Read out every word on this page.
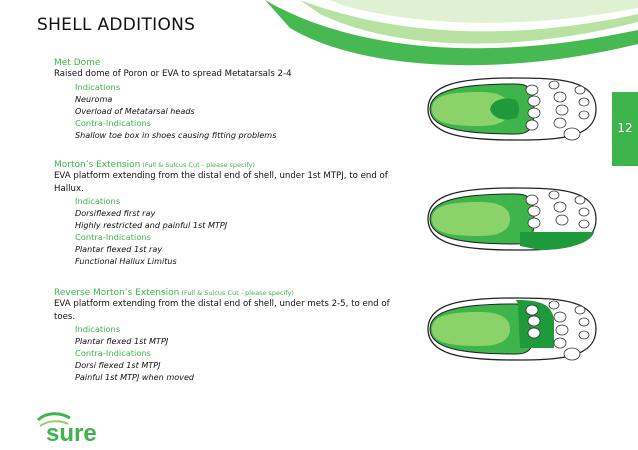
SHELL ADDITIONS
12
Met Dome
Raised dome of Poron or EVA to spread Metatarsals 2-4
Indications
Neuroma
Overload of Metatarsal heads
Contra-Indications
Shallow toe box in shoes causing fitting problems
Morton’s Extension (Full & Sulcus Cut - please specify)
EVA platform extending from the distal end of shell, under 1st MTPJ, to end of Hallux.
Indications
Dorsiflexed first ray
Highly restricted and painful 1st MTPJ
Contra-Indications
Plantar flexed 1st ray
Functional Hallux Limitus
Reverse Morton’s Extension (Full & Sulcus Cut - please specify)
EVA platform extending from the distal end of shell, under mets 2-5, to end of toes.
Indications
Plantar flexed 1st MTPJ
Contra-Indications
Dorsi flexed 1st MTPJ
Painful 1st MTPJ when moved
sure
